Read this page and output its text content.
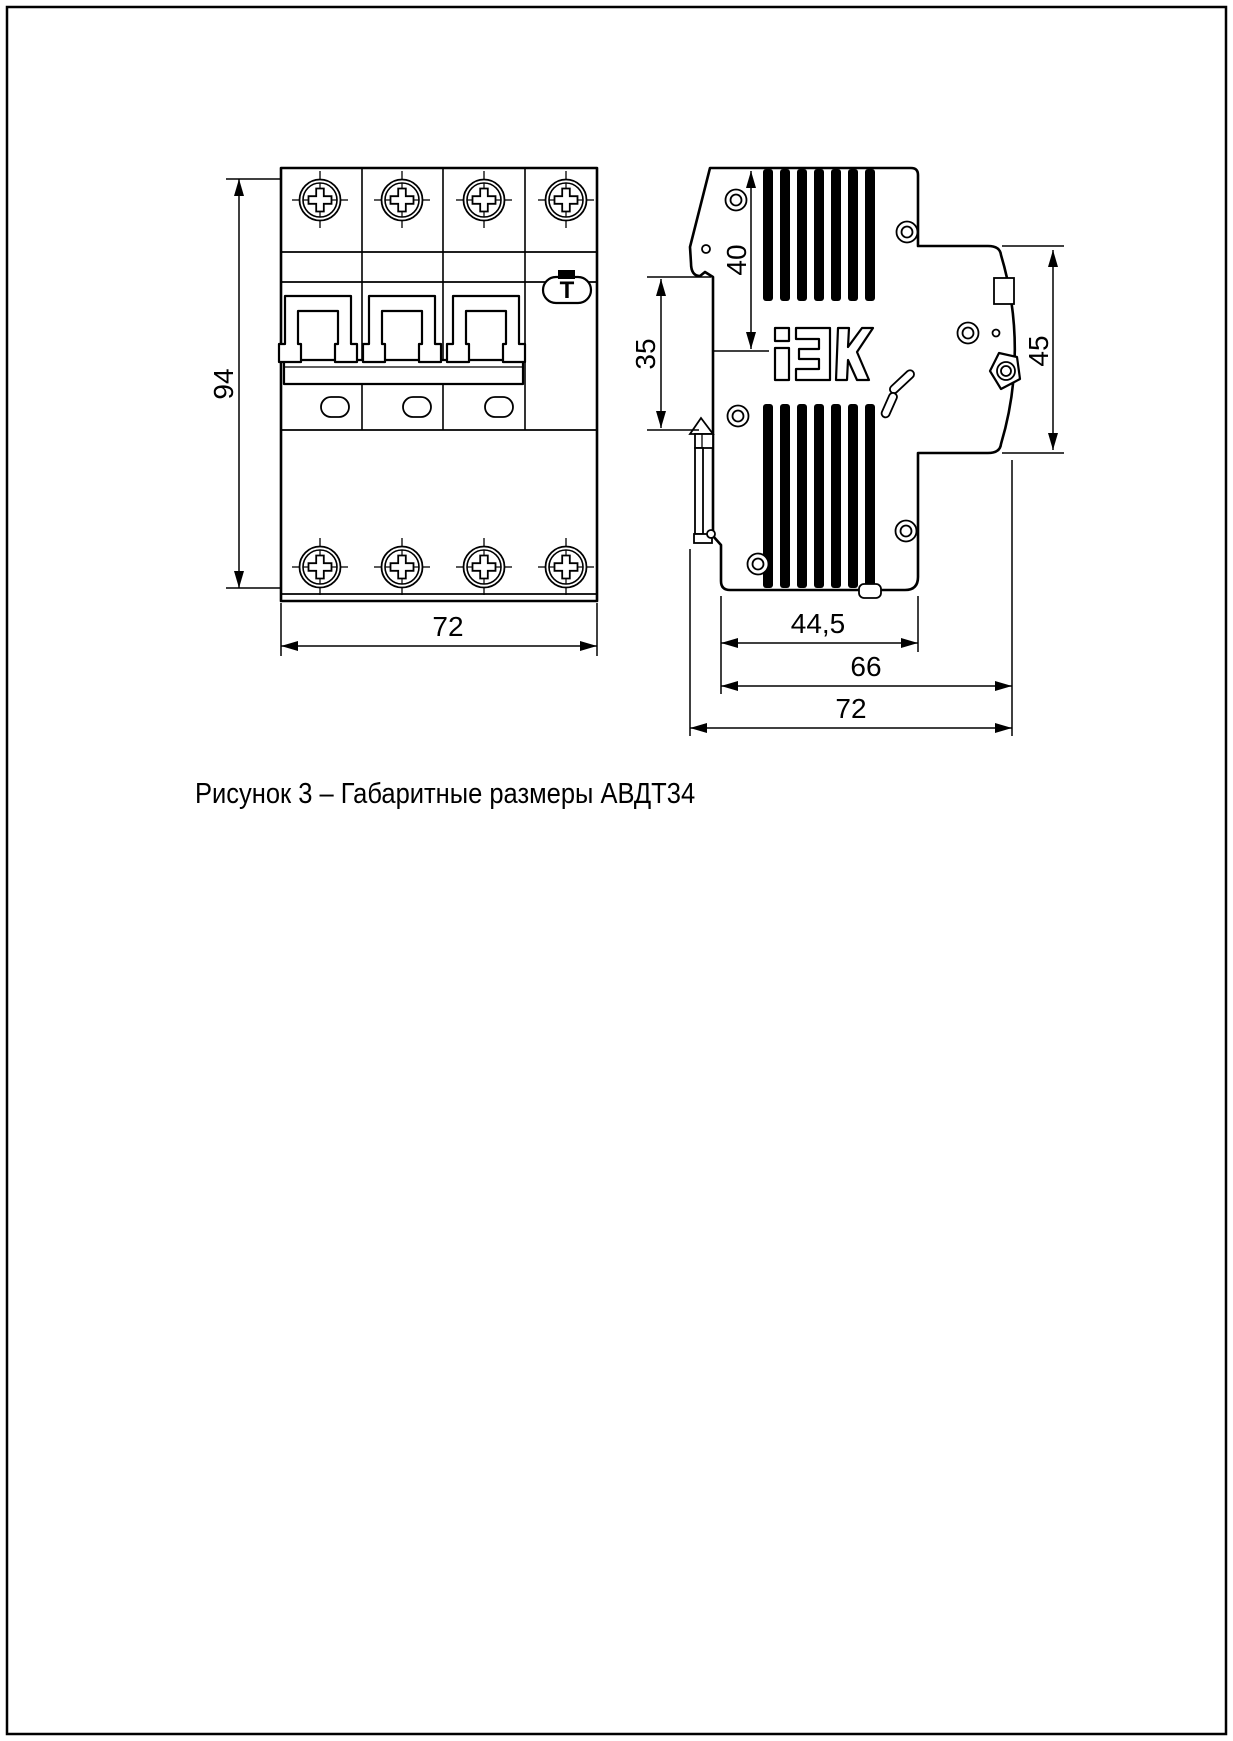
T
94
72
40
35	45
44,5
66
72
Рисунок 3 – Габаритные размеры АВДТ34
